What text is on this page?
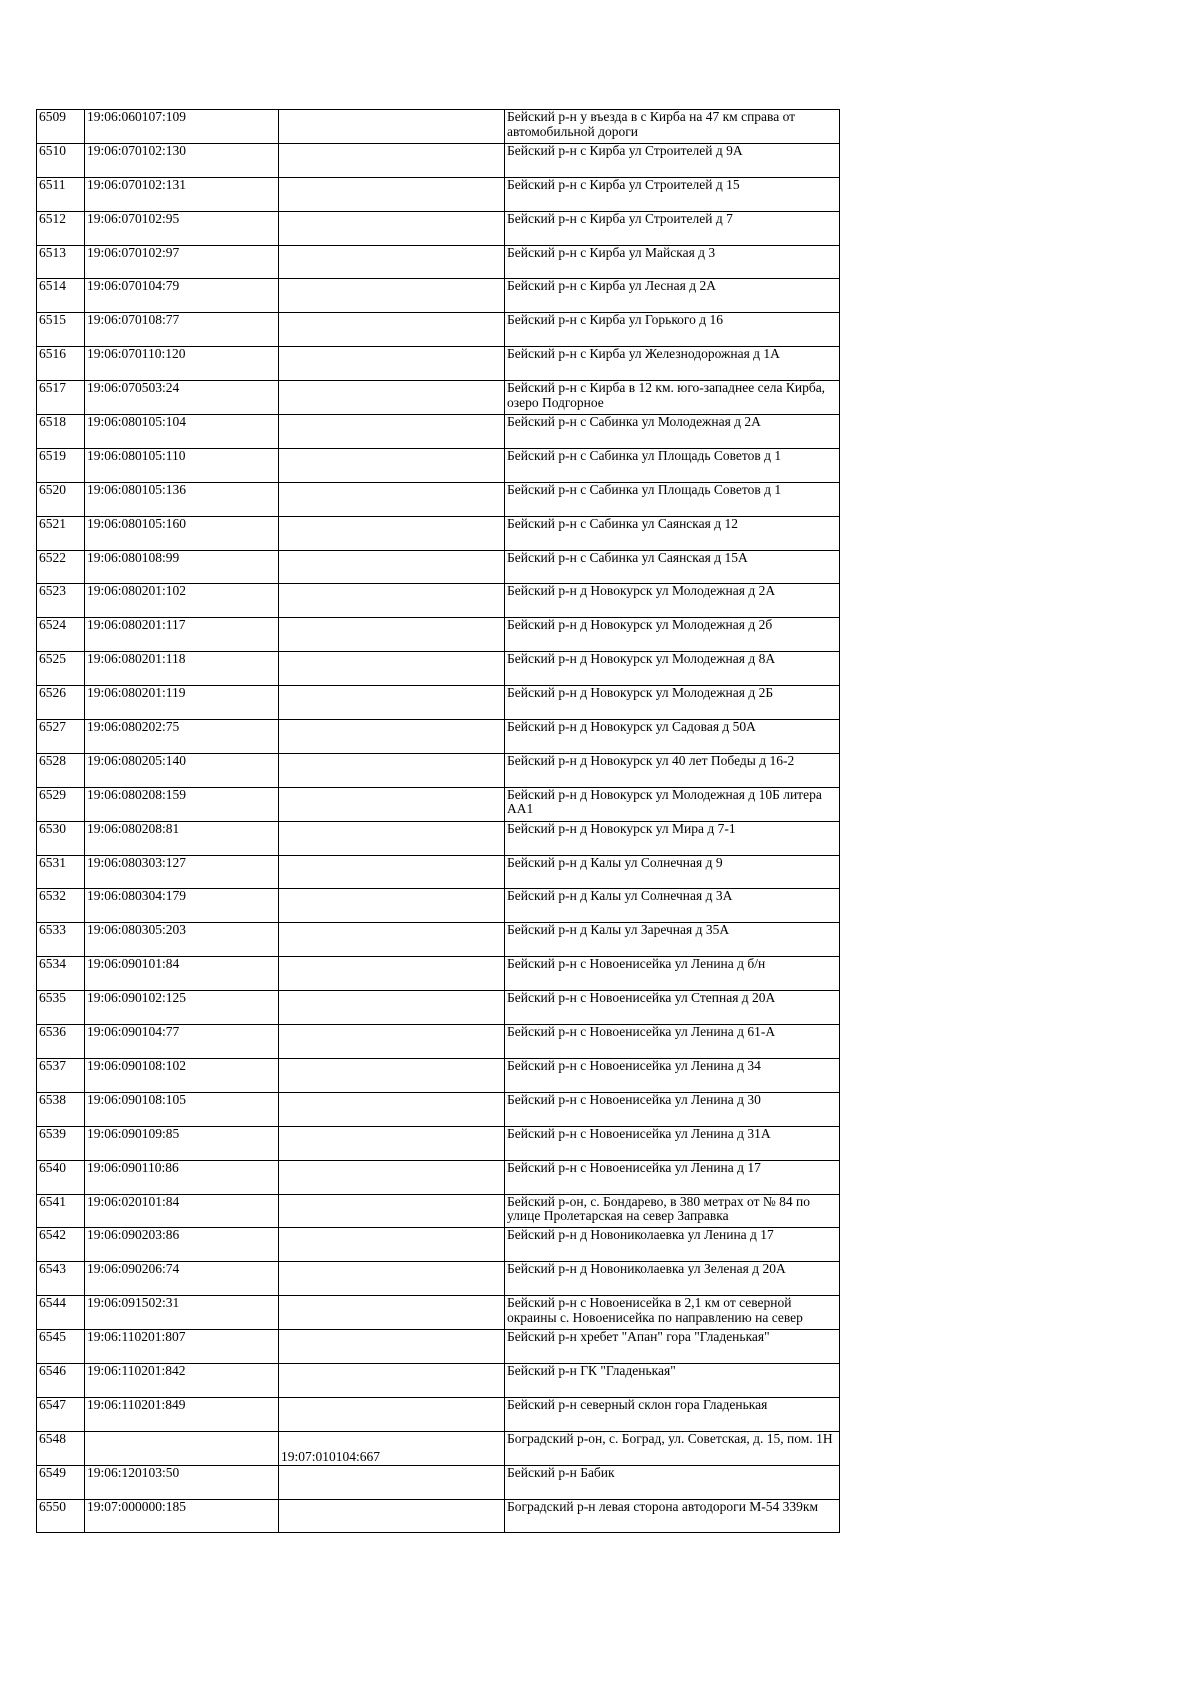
6509	19:06:060107:109		Бейский р-н у въезда в с Кирба на 47 км справа от автомобильной дороги

6510	19:06:070102:130		Бейский р-н с Кирба ул Строителей д 9А

6511	19:06:070102:131		Бейский р-н с Кирба ул Строителей д 15

6512	19:06:070102:95		Бейский р-н с Кирба ул Строителей д 7

6513	19:06:070102:97		Бейский р-н с Кирба ул Майская д 3

6514	19:06:070104:79		Бейский р-н с Кирба ул Лесная д 2А

6515	19:06:070108:77		Бейский р-н с Кирба ул Горького д 16

6516	19:06:070110:120		Бейский р-н с Кирба ул Железнодорожная д 1А

6517	19:06:070503:24		Бейский р-н с Кирба в 12 км. юго-западнее села Кирба, озеро Подгорное

6518	19:06:080105:104		Бейский р-н с Сабинка ул Молодежная д 2А

6519	19:06:080105:110		Бейский р-н с Сабинка ул Площадь Советов д 1

6520	19:06:080105:136		Бейский р-н с Сабинка ул Площадь Советов д 1

6521	19:06:080105:160		Бейский р-н с Сабинка ул Саянская д 12

6522	19:06:080108:99		Бейский р-н с Сабинка ул Саянская д 15А

6523	19:06:080201:102		Бейский р-н д Новокурск ул Молодежная д 2А

6524	19:06:080201:117		Бейский р-н д Новокурск ул Молодежная д 2б

6525	19:06:080201:118		Бейский р-н д Новокурск ул Молодежная д 8А

6526	19:06:080201:119		Бейский р-н д Новокурск ул Молодежная д 2Б

6527	19:06:080202:75		Бейский р-н д Новокурск ул Садовая д 50А

6528	19:06:080205:140		Бейский р-н д Новокурск ул 40 лет Победы д 16-2

6529	19:06:080208:159		Бейский р-н д Новокурск ул Молодежная д 10Б литера АА1

6530	19:06:080208:81		Бейский р-н д Новокурск ул Мира д 7-1

6531	19:06:080303:127		Бейский р-н д Калы ул Солнечная д 9

6532	19:06:080304:179		Бейский р-н д Калы ул Солнечная д 3А

6533	19:06:080305:203		Бейский р-н д Калы ул Заречная д 35А

6534	19:06:090101:84		Бейский р-н с Новоенисейка ул Ленина д б/н

6535	19:06:090102:125		Бейский р-н с Новоенисейка ул Степная д 20А

6536	19:06:090104:77		Бейский р-н с Новоенисейка ул Ленина д 61-А

6537	19:06:090108:102		Бейский р-н с Новоенисейка ул Ленина д 34

6538	19:06:090108:105		Бейский р-н с Новоенисейка ул Ленина д 30

6539	19:06:090109:85		Бейский р-н с Новоенисейка ул Ленина д 31А

6540	19:06:090110:86		Бейский р-н с Новоенисейка ул Ленина д 17

6541	19:06:020101:84		Бейский р-он, с. Бондарево, в 380 метрах от № 84 по улице Пролетарская на север Заправка

6542	19:06:090203:86		Бейский р-н д Новониколаевка ул Ленина д 17

6543	19:06:090206:74		Бейский р-н д Новониколаевка ул Зеленая д 20А

6544	19:06:091502:31		Бейский р-н с Новоенисейка в 2,1 км от северной окраины с. Новоенисейка по направлению на север

6545	19:06:110201:807		Бейский р-н хребет "Апан" гора "Гладенькая"

6546	19:06:110201:842		Бейский р-н ГК "Гладенькая"

6547	19:06:110201:849		Бейский р-н северный склон гора Гладенькая

6548		19:07:010104:667	Боградский р-он, с. Боград, ул. Советская, д. 15, пом. 1Н

6549	19:06:120103:50		Бейский р-н Бабик

6550	19:07:000000:185		Боградский р-н левая сторона автодороги М-54 339км
